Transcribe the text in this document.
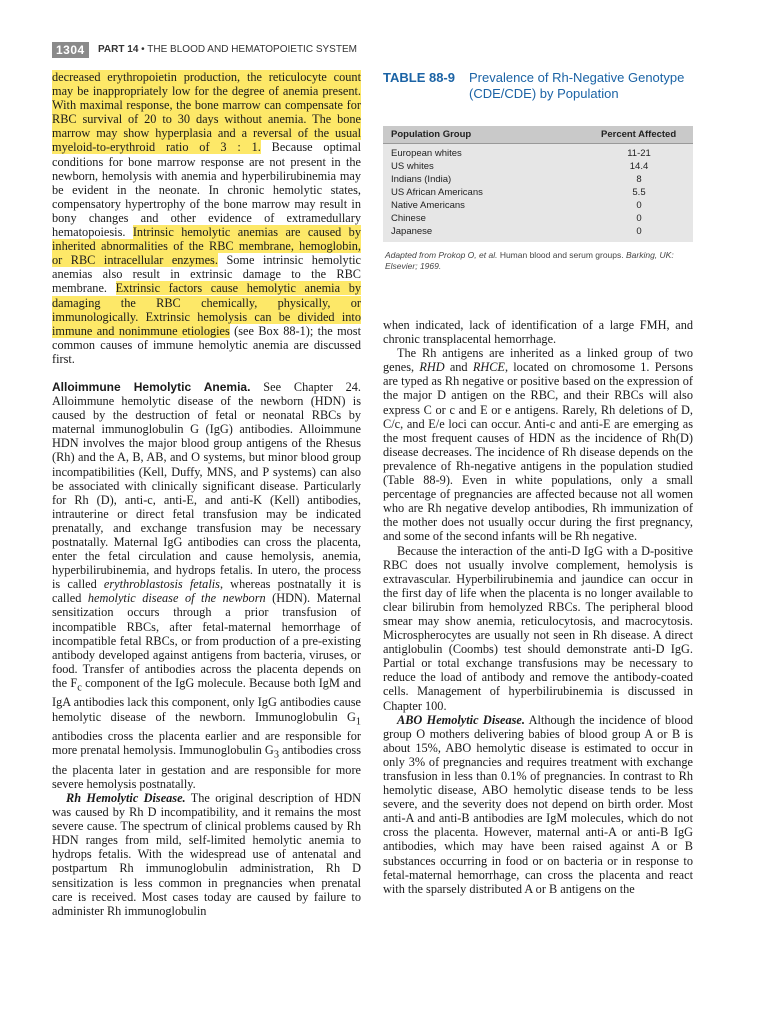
1304	PART 14 • THE BLOOD AND HEMATOPOIETIC SYSTEM

decreased erythropoietin production, the reticulocyte count may be inappropriately low for the degree of anemia present. With maximal response, the bone marrow can compensate for RBC survival of 20 to 30 days without anemia. The bone marrow may show hyperplasia and a reversal of the usual myeloid-to-erythroid ratio of 3 : 1. Because optimal conditions for bone marrow response are not present in the newborn, hemolysis with anemia and hyperbilirubinemia may be evident in the neonate. In chronic hemolytic states, compensatory hypertrophy of the bone marrow may result in bony changes and other evidence of extramedullary hematopoiesis. Intrinsic hemolytic anemias are caused by inherited abnormalities of the RBC membrane, hemoglobin, or RBC intracellular enzymes. Some intrinsic hemolytic anemias also result in extrinsic damage to the RBC membrane. Extrinsic factors cause hemolytic anemia by damaging the RBC chemically, physically, or immunologically. Extrinsic hemolysis can be divided into immune and nonimmune etiologies (see Box 88-1); the most common causes of immune hemolytic anemia are discussed first.

Alloimmune Hemolytic Anemia. See Chapter 24. Alloimmune hemolytic disease of the newborn (HDN) is caused by the destruction of fetal or neonatal RBCs by maternal immunoglobulin G (IgG) antibodies. Alloimmune HDN involves the major blood group antigens of the Rhesus (Rh) and the A, B, AB, and O systems, but minor blood group incompatibilities (Kell, Duffy, MNS, and P systems) can also be associated with clinically significant disease. Particularly for Rh (D), anti-c, anti-E, and anti-K (Kell) antibodies, intrauterine or direct fetal transfusion may be indicated prenatally, and exchange transfusion may be necessary postnatally. Maternal IgG antibodies can cross the placenta, enter the fetal circulation and cause hemolysis, anemia, hyperbilirubinemia, and hydrops fetalis. In utero, the process is called erythroblastosis fetalis, whereas postnatally it is called hemolytic disease of the newborn (HDN). Maternal sensitization occurs through a prior transfusion of incompatible RBCs, after fetal-maternal hemorrhage of incompatible fetal RBCs, or from production of a pre-existing antibody developed against antigens from bacteria, viruses, or food. Transfer of antibodies across the placenta depends on the $F_c$ component of the IgG molecule. Because both IgM and IgA antibodies lack this component, only IgG antibodies cause hemolytic disease of the newborn. Immunoglobulin $G_1$ antibodies cross the placenta earlier and are responsible for more prenatal hemolysis. Immunoglobulin $G_3$ antibodies cross the placenta later in gestation and are responsible for more severe hemolysis postnatally.

Rh Hemolytic Disease. The original description of HDN was caused by Rh D incompatibility, and it remains the most severe cause. The spectrum of clinical problems caused by Rh HDN ranges from mild, self-limited hemolytic anemia to hydrops fetalis. With the widespread use of antenatal and postpartum Rh immunoglobulin administration, Rh D sensitization is less common in pregnancies when prenatal care is received. Most cases today are caused by failure to administer Rh immunoglobulin

TABLE 88-9 Prevalence of Rh-Negative Genotype (CDE/CDE) by Population
Population Group	Percent Affected
European whites	11-21
US whites	14.4
Indians (India)	8
US African Americans	5.5
Native Americans	0
Chinese	0
Japanese	0
Adapted from Prokop O, et al. Human blood and serum groups. Barking, UK: Elsevier; 1969.

when indicated, lack of identification of a large FMH, and chronic transplacental hemorrhage.

The Rh antigens are inherited as a linked group of two genes, RHD and RHCE, located on chromosome 1. Persons are typed as Rh negative or positive based on the expression of the major D antigen on the RBC, and their RBCs will also express C or c and E or e antigens. Rarely, Rh deletions of D, C/c, and E/e loci can occur. Anti-c and anti-E are emerging as the most frequent causes of HDN as the incidence of Rh(D) disease decreases. The incidence of Rh disease depends on the prevalence of Rh-negative antigens in the population studied (Table 88-9). Even in white populations, only a small percentage of pregnancies are affected because not all women who are Rh negative develop antibodies, Rh immunization of the mother does not usually occur during the first pregnancy, and some of the second infants will be Rh negative.

Because the interaction of the anti-D IgG with a D-positive RBC does not usually involve complement, hemolysis is extravascular. Hyperbilirubinemia and jaundice can occur in the first day of life when the placenta is no longer available to clear bilirubin from hemolyzed RBCs. The peripheral blood smear may show anemia, reticulocytosis, and macrocytosis. Microspherocytes are usually not seen in Rh disease. A direct antiglobulin (Coombs) test should demonstrate anti-D IgG. Partial or total exchange transfusions may be necessary to reduce the load of antibody and remove the antibody-coated cells. Management of hyperbilirubinemia is discussed in Chapter 100.

ABO Hemolytic Disease. Although the incidence of blood group O mothers delivering babies of blood group A or B is about 15%, ABO hemolytic disease is estimated to occur in only 3% of pregnancies and requires treatment with exchange transfusion in less than 0.1% of pregnancies. In contrast to Rh hemolytic disease, ABO hemolytic disease tends to be less severe, and the severity does not depend on birth order. Most anti-A and anti-B antibodies are IgM molecules, which do not cross the placenta. However, maternal anti-A or anti-B IgG antibodies, which may have been raised against A or B substances occurring in food or on bacteria or in response to fetal-maternal hemorrhage, can cross the placenta and react with the sparsely distributed A or B antigens on the
